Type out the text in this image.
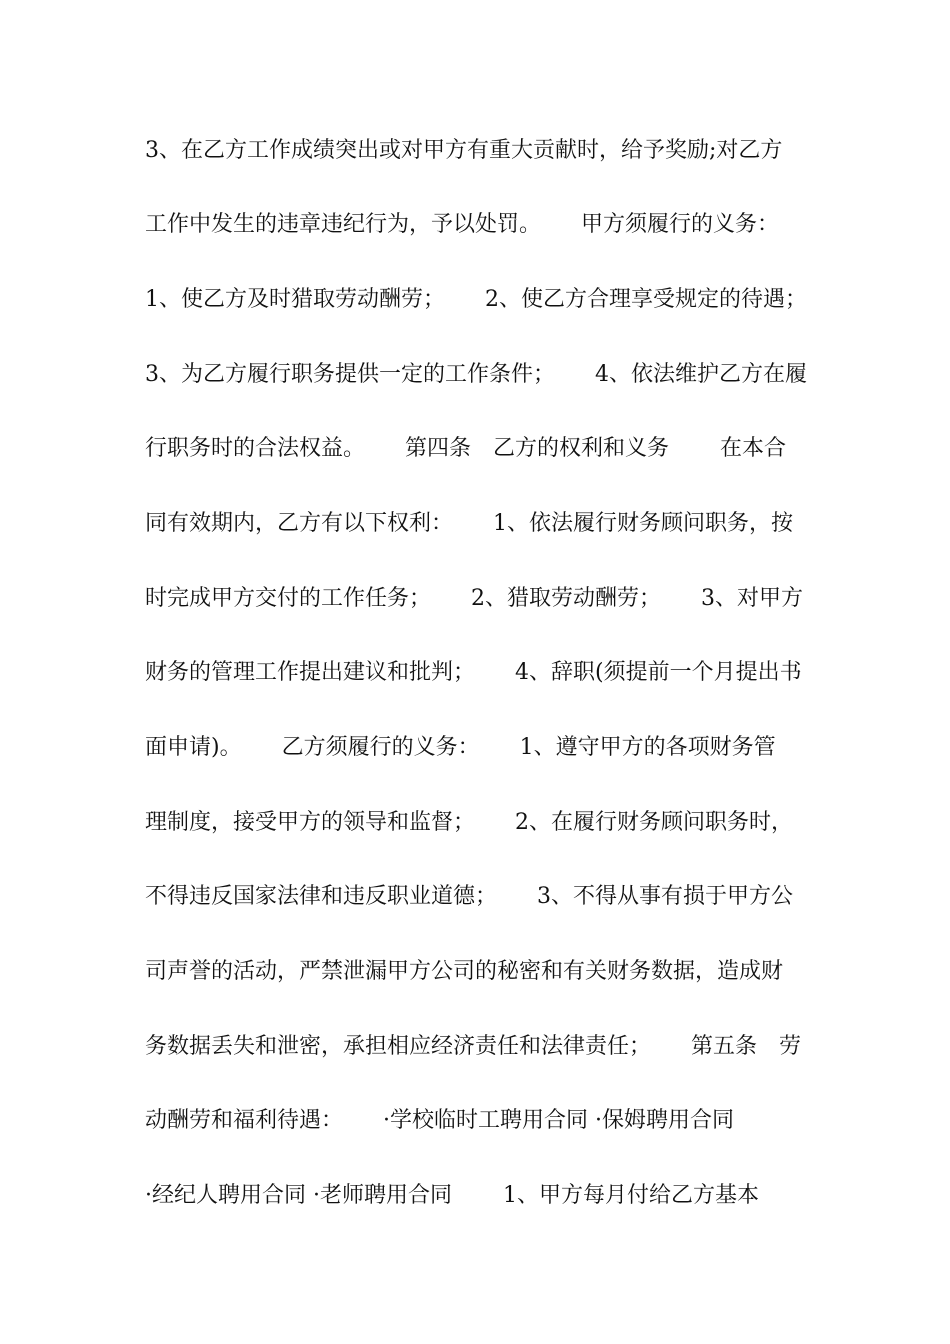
3、在乙方工作成绩突出或对甲方有重大贡献时，给予奖励;对乙方
工作中发生的违章违纪行为，予以处罚。　　 甲方须履行的义务：
1、使乙方及时猎取劳动酬劳；　　 2、使乙方合理享受规定的待遇；
3、为乙方履行职务提供一定的工作条件；　　 4、依法维护乙方在履
行职务时的合法权益。　　 第四条　乙方的权利和义务　　 在本合
同有效期内，乙方有以下权利：　　 1、依法履行财务顾问职务，按
时完成甲方交付的工作任务；　　 2、猎取劳动酬劳；　　 3、对甲方
财务的管理工作提出建议和批判；　　 4、辞职(须提前一个月提出书
面申请)。　　 乙方须履行的义务：　　 1、遵守甲方的各项财务管
理制度，接受甲方的领导和监督；　　 2、在履行财务顾问职务时，
不得违反国家法律和违反职业道德；　　 3、不得从事有损于甲方公
司声誉的活动，严禁泄漏甲方公司的秘密和有关财务数据，造成财
务数据丢失和泄密，承担相应经济责任和法律责任；　　 第五条　劳
动酬劳和福利待遇：　　 ·学校临时工聘用合同 ·保姆聘用合同
·经纪人聘用合同 ·老师聘用合同　　 1、甲方每月付给乙方基本
